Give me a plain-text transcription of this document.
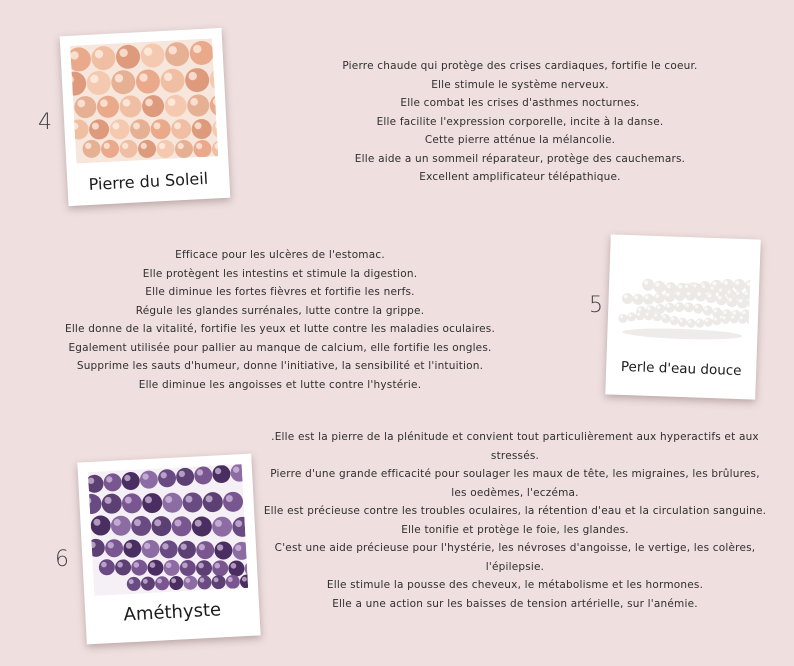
4
Pierre du Soleil
Pierre chaude qui protège des crises cardiaques, fortifie le coeur.
Elle stimule le système nerveux.
Elle combat les crises d'asthmes nocturnes.
Elle facilite l'expression corporelle, incite à la danse.
Cette pierre atténue la mélancolie.
Elle aide a un sommeil réparateur, protège des cauchemars.
Excellent amplificateur télépathique.
Efficace pour les ulcères de l'estomac.
Elle protègent les intestins et stimule la digestion.
Elle diminue les fortes fièvres et fortifie les nerfs.
Régule les glandes surrénales, lutte contre la grippe.
Elle donne de la vitalité, fortifie les yeux et lutte contre les maladies oculaires.
Egalement utilisée pour pallier au manque de calcium, elle fortifie les ongles.
Supprime les sauts d'humeur, donne l'initiative, la sensibilité et l'intuition.
Elle diminue les angoisses et lutte contre l'hystérie.
5
Perle d'eau douce
6
Améthyste
.Elle est la pierre de la plénitude et convient tout particulièrement aux hyperactifs et aux stressés.
Pierre d'une grande efficacité pour soulager les maux de tête, les migraines, les brûlures, les oedèmes, l'eczéma.
Elle est précieuse contre les troubles oculaires, la rétention d'eau et la circulation sanguine.
Elle tonifie et protège le foie, les glandes.
C'est une aide précieuse pour l'hystérie, les névroses d'angoisse, le vertige, les colères, l'épilepsie.
Elle stimule la pousse des cheveux, le métabolisme et les hormones.
Elle a une action sur les baisses de tension artérielle, sur l'anémie.
